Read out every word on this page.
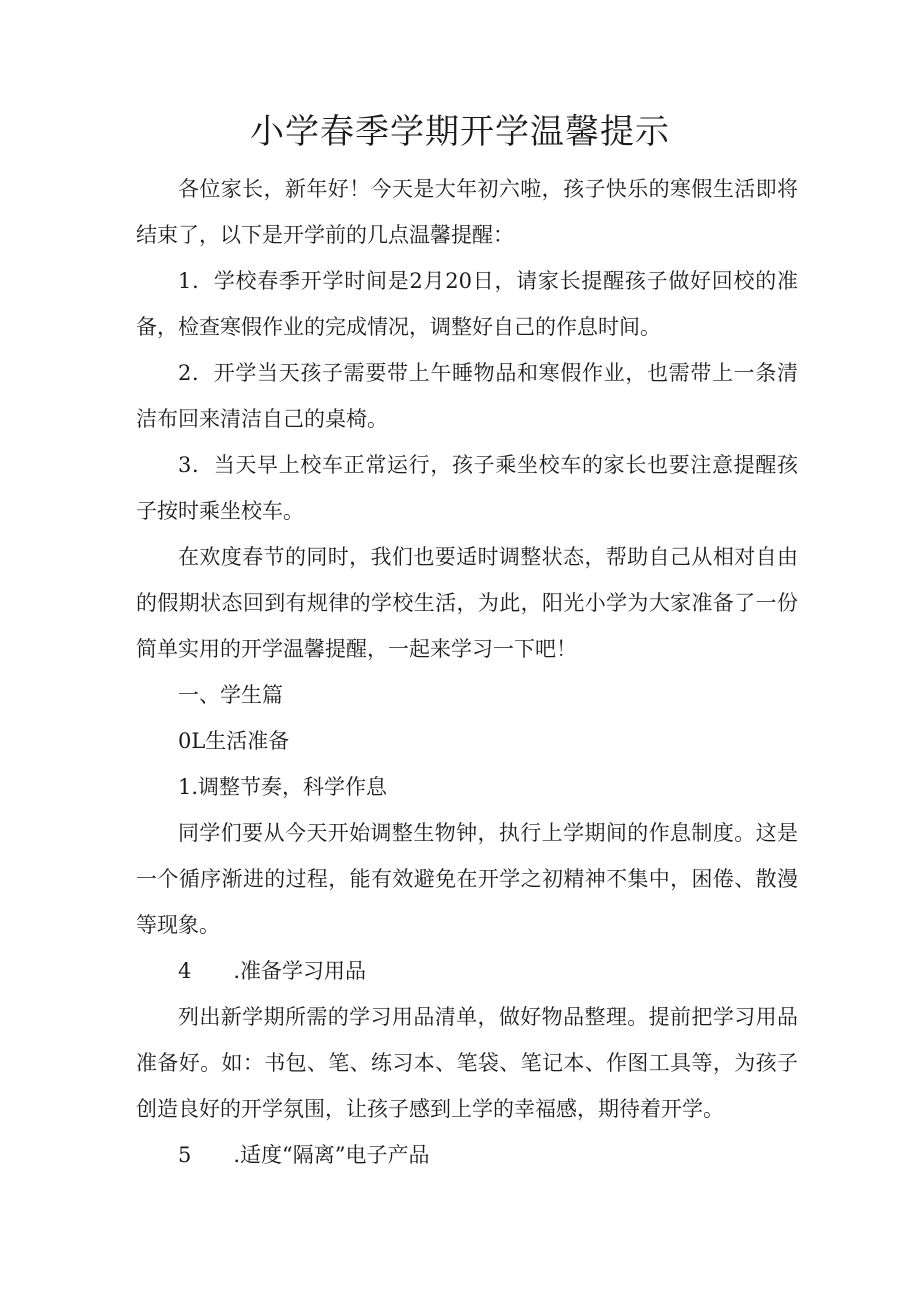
小学春季学期开学温馨提示

各位家长，新年好！今天是大年初六啦，孩子快乐的寒假生活即将结束了，以下是开学前的几点温馨提醒：

1．学校春季开学时间是2月20日，请家长提醒孩子做好回校的准备，检查寒假作业的完成情况，调整好自己的作息时间。

2．开学当天孩子需要带上午睡物品和寒假作业，也需带上一条清洁布回来清洁自己的桌椅。

3．当天早上校车正常运行，孩子乘坐校车的家长也要注意提醒孩子按时乘坐校车。

在欢度春节的同时，我们也要适时调整状态，帮助自己从相对自由的假期状态回到有规律的学校生活，为此，阳光小学为大家准备了一份简单实用的开学温馨提醒，一起来学习一下吧！

一、学生篇

0L生活准备

1.调整节奏，科学作息

同学们要从今天开始调整生物钟，执行上学期间的作息制度。这是一个循序渐进的过程，能有效避免在开学之初精神不集中，困倦、散漫等现象。

4　　.准备学习用品

列出新学期所需的学习用品清单，做好物品整理。提前把学习用品准备好。如：书包、笔、练习本、笔袋、笔记本、作图工具等，为孩子创造良好的开学氛围，让孩子感到上学的幸福感，期待着开学。

5　　.适度“隔离”电子产品
